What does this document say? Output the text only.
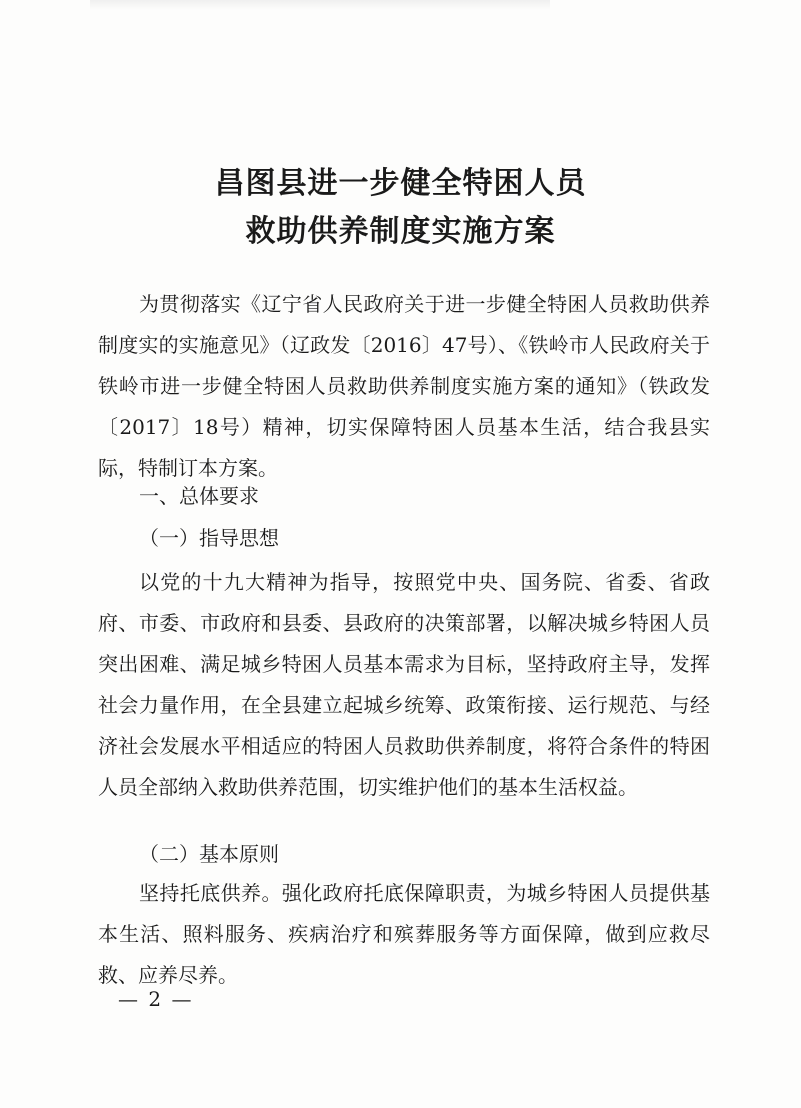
昌图县进一步健全特困人员
救助供养制度实施方案

为贯彻落实《辽宁省人民政府关于进一步健全特困人员救助供养制度实的实施意见》（辽政发〔2016〕47号）、《铁岭市人民政府关于铁岭市进一步健全特困人员救助供养制度实施方案的通知》（铁政发〔2017〕18号）精神，切实保障特困人员基本生活，结合我县实际，特制订本方案。

一、总体要求

（一）指导思想

以党的十九大精神为指导，按照党中央、国务院、省委、省政府、市委、市政府和县委、县政府的决策部署，以解决城乡特困人员突出困难、满足城乡特困人员基本需求为目标，坚持政府主导，发挥社会力量作用，在全县建立起城乡统筹、政策衔接、运行规范、与经济社会发展水平相适应的特困人员救助供养制度，将符合条件的特困人员全部纳入救助供养范围，切实维护他们的基本生活权益。

（二）基本原则

坚持托底供养。强化政府托底保障职责，为城乡特困人员提供基本生活、照料服务、疾病治疗和殡葬服务等方面保障，做到应救尽救、应养尽养。

— 2 —
